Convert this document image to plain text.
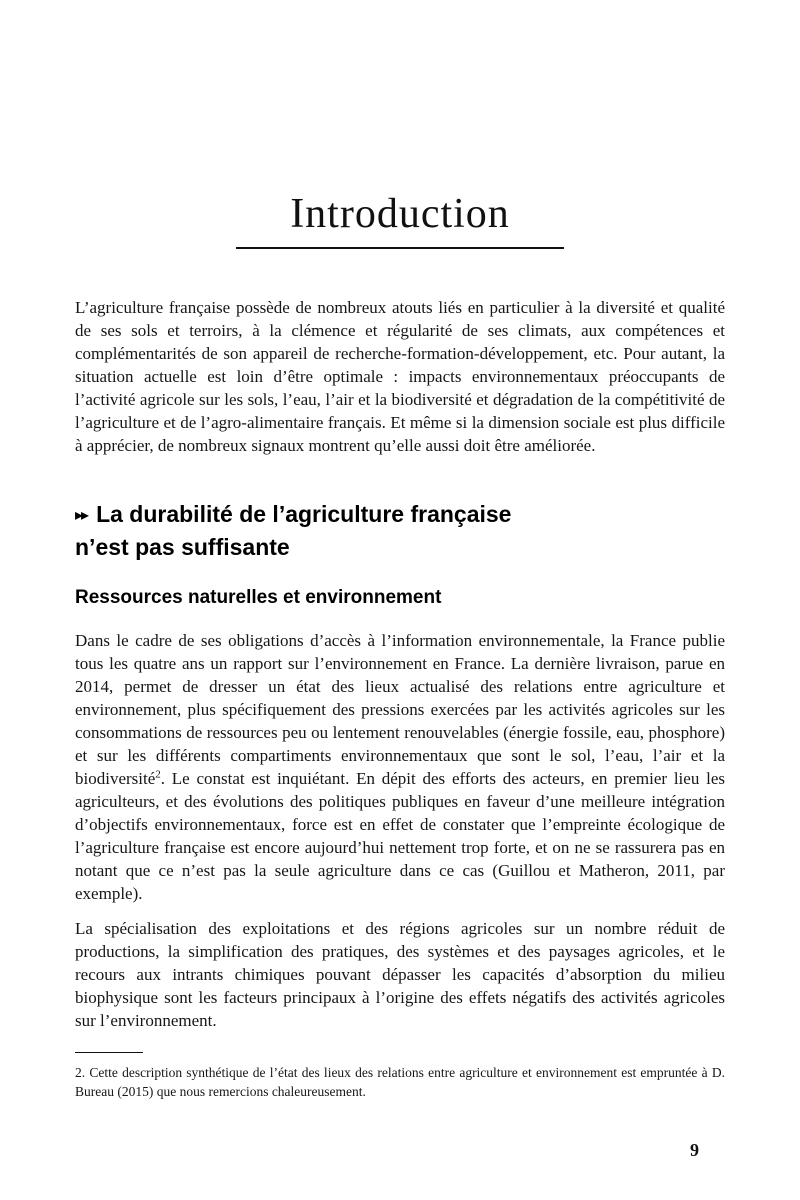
Introduction

L’agriculture française possède de nombreux atouts liés en particulier à la diversité et qualité de ses sols et terroirs, à la clémence et régularité de ses climats, aux compétences et complémentarités de son appareil de recherche-formation-développement, etc. Pour autant, la situation actuelle est loin d’être optimale : impacts environnementaux préoccupants de l’activité agricole sur les sols, l’eau, l’air et la biodiversité et dégradation de la compétitivité de l’agriculture et de l’agro-alimentaire français. Et même si la dimension sociale est plus difficile à apprécier, de nombreux signaux montrent qu’elle aussi doit être améliorée.

▸▸ La durabilité de l’agriculture française
n’est pas suffisante
Ressources naturelles et environnement

Dans le cadre de ses obligations d’accès à l’information environnementale, la France publie tous les quatre ans un rapport sur l’environnement en France. La dernière livraison, parue en 2014, permet de dresser un état des lieux actualisé des relations entre agriculture et environnement, plus spécifiquement des pressions exercées par les activités agricoles sur les consommations de ressources peu ou lentement renouvelables (énergie fossile, eau, phosphore) et sur les différents compartiments environnementaux que sont le sol, l’eau, l’air et la biodiversité$^2$. Le constat est inquiétant. En dépit des efforts des acteurs, en premier lieu les agriculteurs, et des évolutions des politiques publiques en faveur d’une meilleure intégration d’objectifs environnementaux, force est en effet de constater que l’empreinte écologique de l’agriculture française est encore aujourd’hui nettement trop forte, et on ne se rassurera pas en notant que ce n’est pas la seule agriculture dans ce cas (Guillou et Matheron, 2011, par exemple).

La spécialisation des exploitations et des régions agricoles sur un nombre réduit de productions, la simplification des pratiques, des systèmes et des paysages agricoles, et le recours aux intrants chimiques pouvant dépasser les capacités d’absorption du milieu biophysique sont les facteurs principaux à l’origine des effets négatifs des activités agricoles sur l’environnement.

2. Cette description synthétique de l’état des lieux des relations entre agriculture et environnement est empruntée à D. Bureau (2015) que nous remercions chaleureusement.

9
